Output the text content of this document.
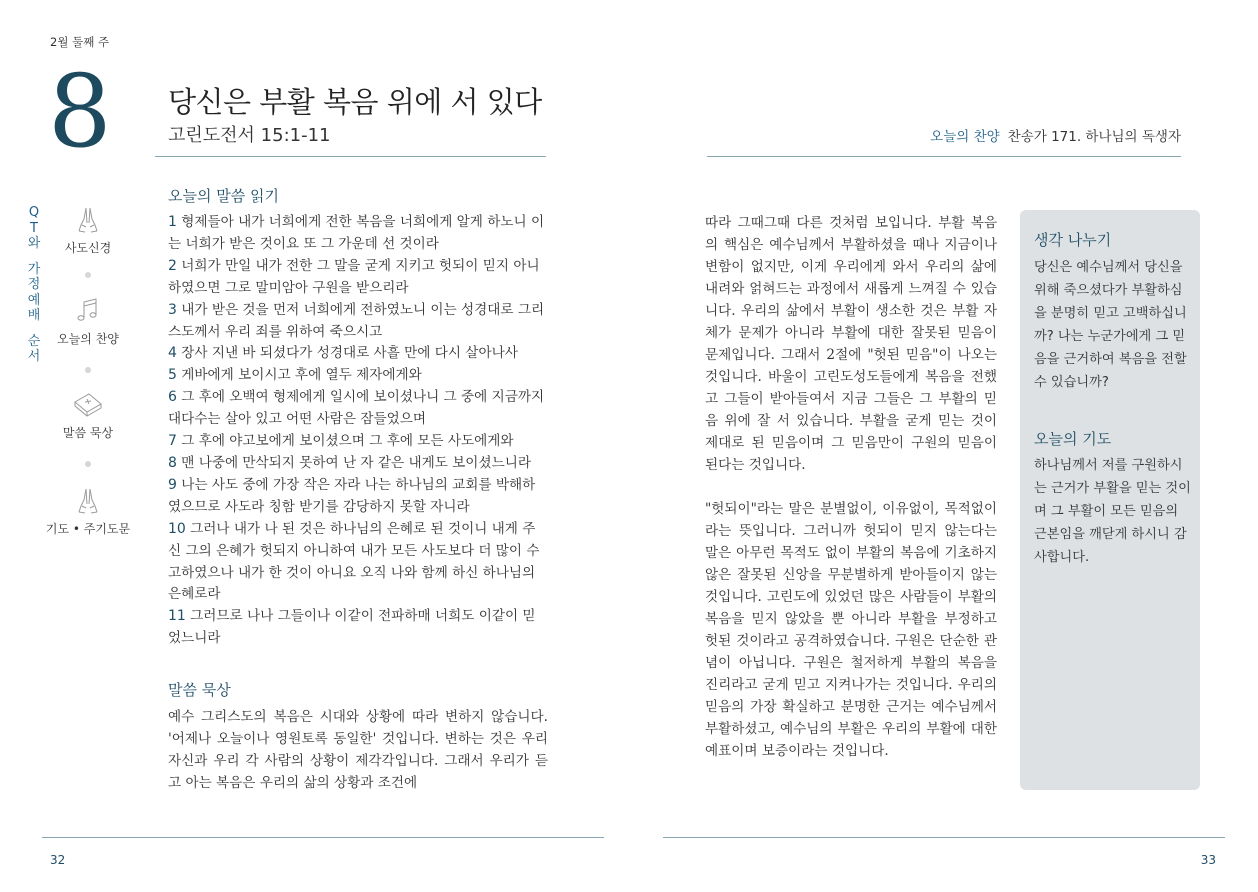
2월 둘째 주
8 당신은 부활 복음 위에 서 있다
고린도전서 15:1-11	오늘의 찬양 찬송가 171. 하나님의 독생자
Q
T
와
가
정
예
배
순
서
사도신경
오늘의 찬양
말씀 묵상
기도 • 주기도문
오늘의 말씀 읽기
1 형제들아 내가 너희에게 전한 복음을 너희에게 알게 하노니 이는 너희가 받은 것이요 또 그 가운데 선 것이라
2 너희가 만일 내가 전한 그 말을 굳게 지키고 헛되이 믿지 아니하였으면 그로 말미암아 구원을 받으리라
3 내가 받은 것을 먼저 너희에게 전하였노니 이는 성경대로 그리스도께서 우리 죄를 위하여 죽으시고
4 장사 지낸 바 되셨다가 성경대로 사흘 만에 다시 살아나사
5 게바에게 보이시고 후에 열두 제자에게와
6 그 후에 오백여 형제에게 일시에 보이셨나니 그 중에 지금까지 대다수는 살아 있고 어떤 사람은 잠들었으며
7 그 후에 야고보에게 보이셨으며 그 후에 모든 사도에게와
8 맨 나중에 만삭되지 못하여 난 자 같은 내게도 보이셨느니라
9 나는 사도 중에 가장 작은 자라 나는 하나님의 교회를 박해하였으므로 사도라 칭함 받기를 감당하지 못할 자니라
10 그러나 내가 나 된 것은 하나님의 은혜로 된 것이니 내게 주신 그의 은혜가 헛되지 아니하여 내가 모든 사도보다 더 많이 수고하였으나 내가 한 것이 아니요 오직 나와 함께 하신 하나님의 은혜로라
11 그러므로 나나 그들이나 이같이 전파하매 너희도 이같이 믿었느니라
말씀 묵상
예수 그리스도의 복음은 시대와 상황에 따라 변하지 않습니다. '어제나 오늘이나 영원토록 동일한' 것입니다. 변하는 것은 우리 자신과 우리 각 사람의 상황이 제각각입니다. 그래서 우리가 듣고 아는 복음은 우리의 삶의 상황과 조건에

따라 그때그때 다른 것처럼 보입니다. 부활 복음의 핵심은 예수님께서 부활하셨을 때나 지금이나 변함이 없지만, 이게 우리에게 와서 우리의 삶에 내려와 얽혀드는 과정에서 새롭게 느껴질 수 있습니다. 우리의 삶에서 부활이 생소한 것은 부활 자체가 문제가 아니라 부활에 대한 잘못된 믿음이 문제입니다. 그래서 2절에 "헛된 믿음"이 나오는 것입니다. 바울이 고린도성도들에게 복음을 전했고 그들이 받아들여서 지금 그들은 그 부활의 믿음 위에 잘 서 있습니다. 부활을 굳게 믿는 것이 제대로 된 믿음이며 그 믿음만이 구원의 믿음이 된다는 것입니다.

"헛되이"라는 말은 분별없이, 이유없이, 목적없이 라는 뜻입니다. 그러니까 헛되이 믿지 않는다는 말은 아무런 목적도 없이 부활의 복음에 기초하지 않은 잘못된 신앙을 무분별하게 받아들이지 않는 것입니다. 고린도에 있었던 많은 사람들이 부활의 복음을 믿지 않았을 뿐 아니라 부활을 부정하고 헛된 것이라고 공격하였습니다. 구원은 단순한 관념이 아닙니다. 구원은 철저하게 부활의 복음을 진리라고 굳게 믿고 지켜나가는 것입니다. 우리의 믿음의 가장 확실하고 분명한 근거는 예수님께서 부활하셨고, 예수님의 부활은 우리의 부활에 대한 예표이며 보증이라는 것입니다.

생각 나누기
당신은 예수님께서 당신을 위해 죽으셨다가 부활하심을 분명히 믿고 고백하십니까? 나는 누군가에게 그 믿음을 근거하여 복음을 전할 수 있습니까?
오늘의 기도
하나님께서 저를 구원하시는 근거가 부활을 믿는 것이며 그 부활이 모든 믿음의 근본임을 깨닫게 하시니 감사합니다.
32	33
